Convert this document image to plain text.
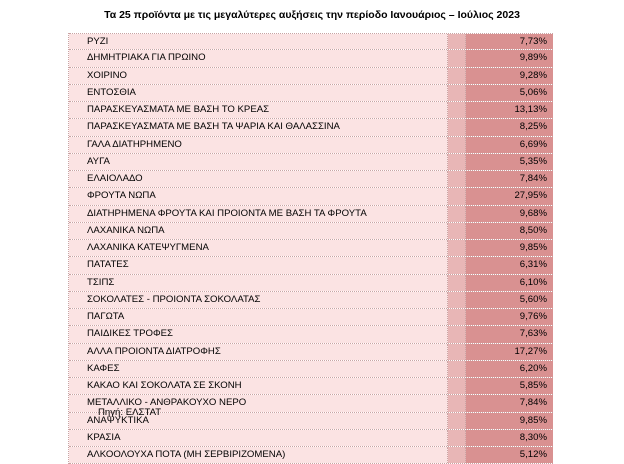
Τα 25 προϊόντα με τις μεγαλύτερες αυξήσεις την περίοδο Ιανουάριος – Ιούλιος 2023
ΡΥΖΙ	7,73%
ΔΗΜΗΤΡΙΑΚΑ ΓΙΑ ΠΡΩΙΝΟ	9,89%
ΧΟΙΡΙΝΟ	9,28%
ΕΝΤΟΣΘΙΑ	5,06%
ΠΑΡΑΣΚΕΥΑΣΜΑΤΑ ΜΕ ΒΑΣΗ ΤΟ ΚΡΕΑΣ	13,13%
ΠΑΡΑΣΚΕΥΑΣΜΑΤΑ ΜΕ ΒΑΣΗ ΤΑ ΨΑΡΙΑ ΚΑΙ ΘΑΛΑΣΣΙΝΑ	8,25%
ΓΑΛΑ ΔΙΑΤΗΡΗΜΕΝΟ	6,69%
ΑΥΓΑ	5,35%
ΕΛΑΙΟΛΑΔΟ	7,84%
ΦΡΟΥΤΑ ΝΩΠΑ	27,95%
ΔΙΑΤΗΡΗΜΕΝΑ ΦΡΟΥΤΑ ΚΑΙ ΠΡΟΙΟΝΤΑ ΜΕ ΒΑΣΗ ΤΑ ΦΡΟΥΤΑ	9,68%
ΛΑΧΑΝΙΚΑ ΝΩΠΑ	8,50%
ΛΑΧΑΝΙΚΑ ΚΑΤΕΨΥΓΜΕΝΑ	9,85%
ΠΑΤΑΤΕΣ	6,31%
ΤΣΙΠΣ	6,10%
ΣΟΚΟΛΑΤΕΣ - ΠΡΟΙΟΝΤΑ ΣΟΚΟΛΑΤΑΣ	5,60%
ΠΑΓΩΤΑ	9,76%
ΠΑΙΔΙΚΕΣ ΤΡΟΦΕΣ	7,63%
ΑΛΛΑ ΠΡΟΙΟΝΤΑ ΔΙΑΤΡΟΦΗΣ	17,27%
ΚΑΦΕΣ	6,20%
ΚΑΚΑΟ ΚΑΙ ΣΟΚΟΛΑΤΑ ΣΕ ΣΚΟΝΗ	5,85%
ΜΕΤΑΛΛΙΚΟ - ΑΝΘΡΑΚΟΥΧΟ ΝΕΡΟ	7,84%
ΑΝΑΨΥΚΤΙΚΑ	9,85%
ΚΡΑΣΙΑ	8,30%
ΑΛΚΟΟΛΟΥΧΑ ΠΟΤΑ (ΜΗ ΣΕΡΒΙΡΙΖΟΜΕΝΑ)	5,12%
Πηγή: ΕΛΣΤΑΤ
